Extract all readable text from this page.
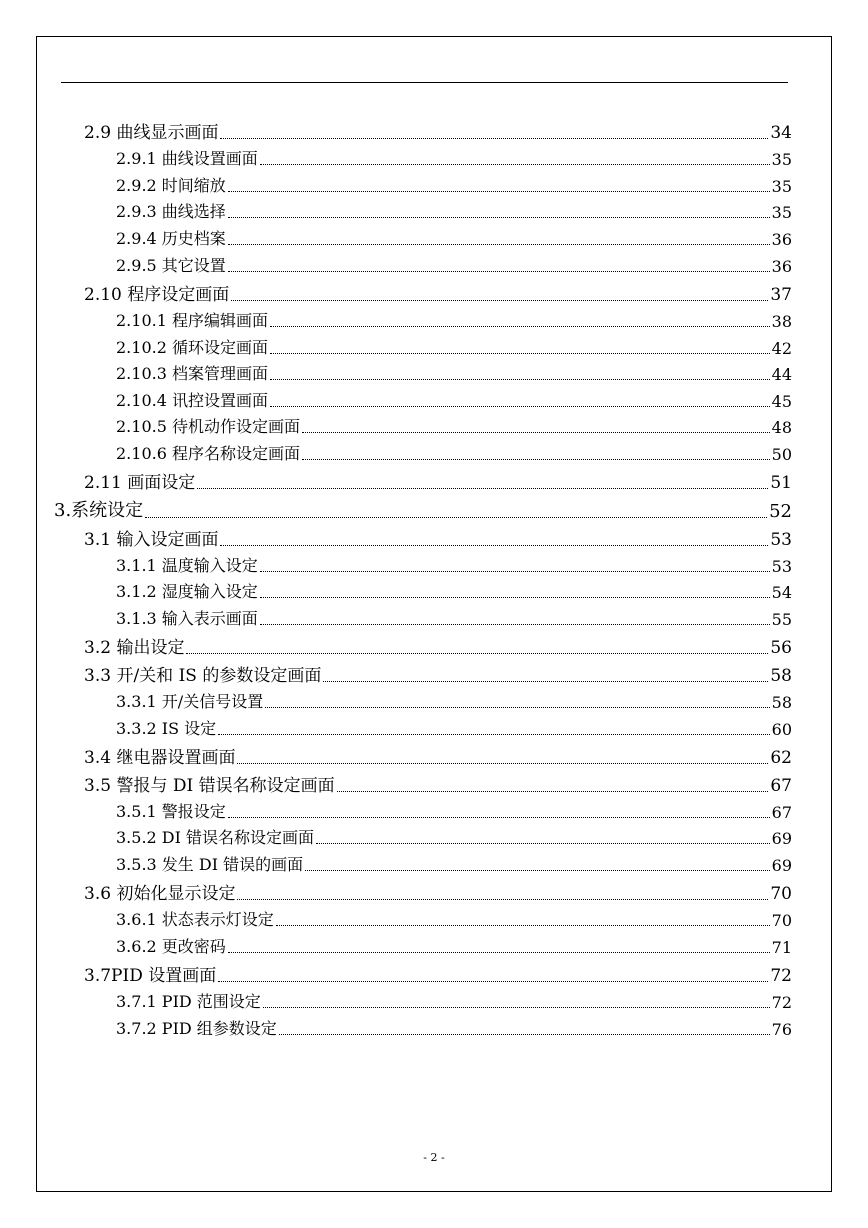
2.9 曲线显示画面	34
2.9.1 曲线设置画面	35
2.9.2 时间缩放	35
2.9.3 曲线选择	35
2.9.4 历史档案	36
2.9.5 其它设置	36
2.10 程序设定画面	37
2.10.1 程序编辑画面	38
2.10.2 循环设定画面	42
2.10.3 档案管理画面	44
2.10.4 讯控设置画面	45
2.10.5 待机动作设定画面	48
2.10.6 程序名称设定画面	50
2.11 画面设定	51
3.系统设定	52
3.1 输入设定画面	53
3.1.1 温度输入设定	53
3.1.2 湿度输入设定	54
3.1.3 输入表示画面	55
3.2 输出设定	56
3.3 开/关和 IS 的参数设定画面	58
3.3.1 开/关信号设置	58
3.3.2 IS 设定	60
3.4 继电器设置画面	62
3.5 警报与 DI 错误名称设定画面	67
3.5.1 警报设定	67
3.5.2 DI 错误名称设定画面	69
3.5.3 发生 DI 错误的画面	69
3.6 初始化显示设定	70
3.6.1 状态表示灯设定	70
3.6.2 更改密码	71
3.7PID 设置画面	72
3.7.1 PID 范围设定	72
3.7.2 PID 组参数设定	76
- 2 -
